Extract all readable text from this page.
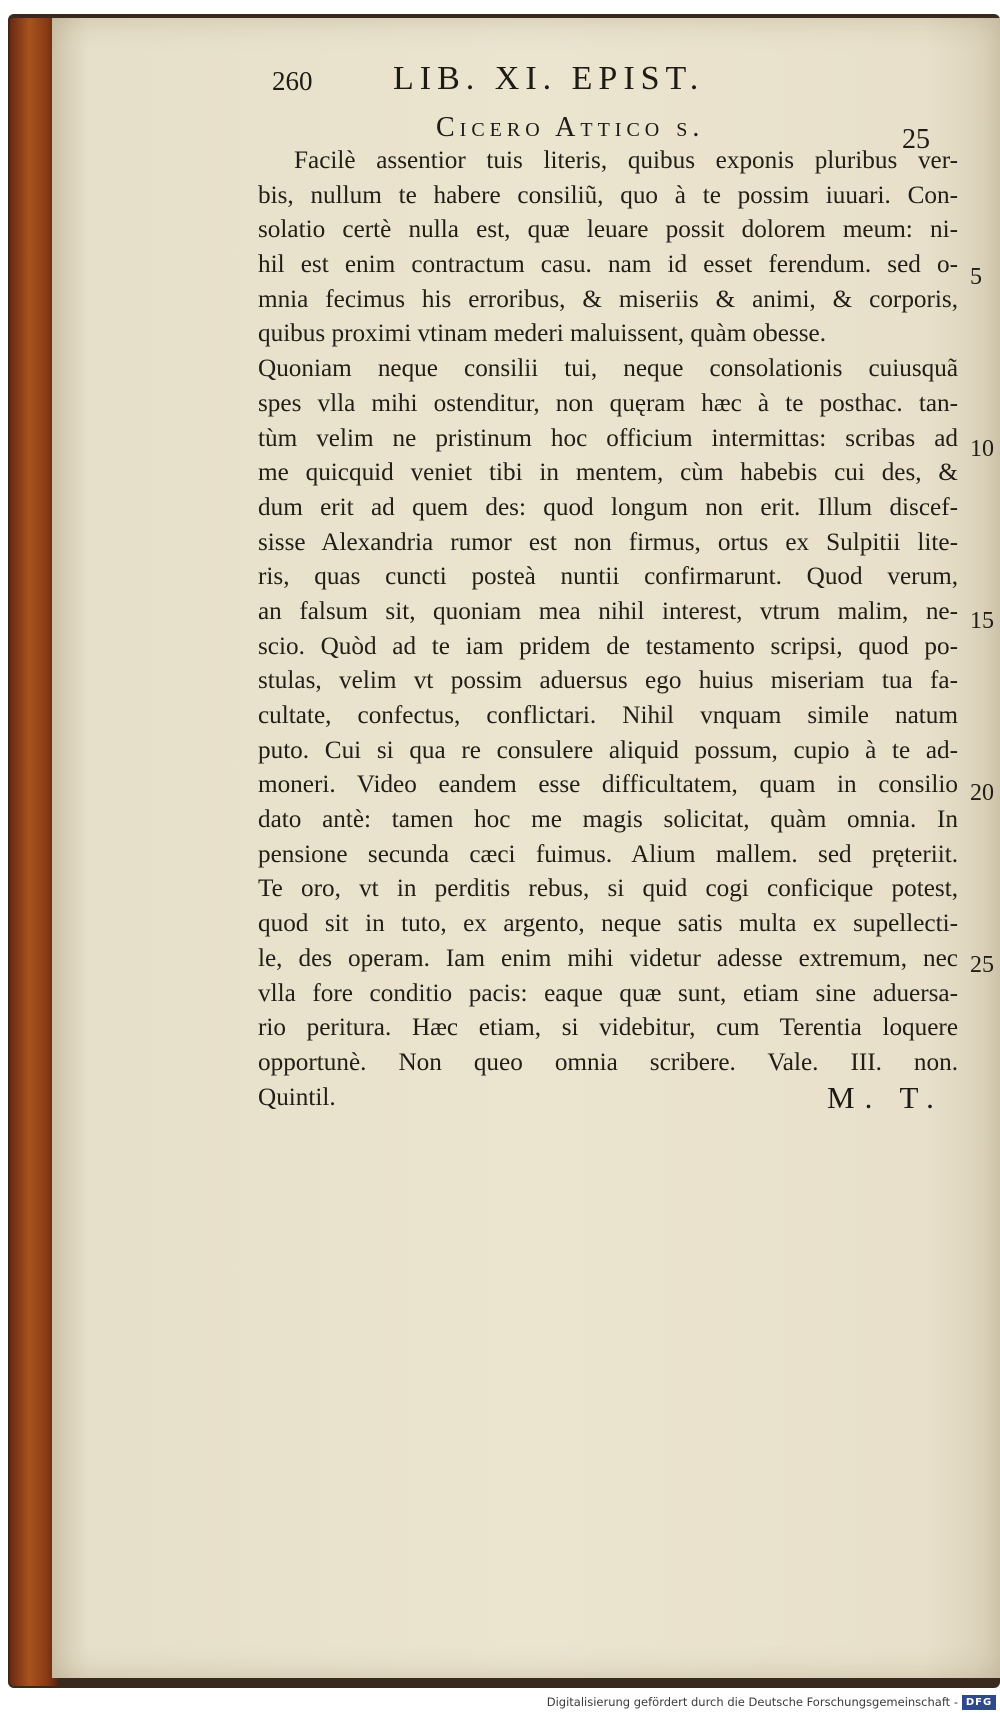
260	LIB. XI. EPIST.
Cicero Attico s.	25
Facilè assentior tuis literis, quibus exponis pluribus ver-
bis, nullum te habere consiliũ, quo à te possim iuuari. Con-
solatio certè nulla est, quæ leuare possit dolorem meum: ni-
hil est enim contractum casu. nam id esset ferendum. sed o-
mnia fecimus his erroribus, & miseriis & animi, & corporis,
quibus proximi vtinam mederi maluissent, quàm obesse.
Quoniam neque consilii tui, neque consolationis cuiusquã
spes vlla mihi ostenditur, non quęram hæc à te posthac. tan-
tùm velim ne pristinum hoc officium intermittas: scribas ad
me quicquid veniet tibi in mentem, cùm habebis cui des, &
dum erit ad quem des: quod longum non erit. Illum discef-
sisse Alexandria rumor est non firmus, ortus ex Sulpitii lite-
ris, quas cuncti posteà nuntii confirmarunt. Quod verum,
an falsum sit, quoniam mea nihil interest, vtrum malim, ne-
scio. Quòd ad te iam pridem de testamento scripsi, quod po-
stulas, velim vt possim aduersus ego huius miseriam tua fa-
cultate, confectus, conflictari. Nihil vnquam simile natum
puto. Cui si qua re consulere aliquid possum, cupio à te ad-
moneri. Video eandem esse difficultatem, quam in consilio
dato antè: tamen hoc me magis solicitat, quàm omnia. In
pensione secunda cæci fuimus. Alium mallem. sed pręteriit.
Te oro, vt in perditis rebus, si quid cogi conficique potest,
quod sit in tuto, ex argento, neque satis multa ex supellecti-
le, des operam. Iam enim mihi videtur adesse extremum, nec
vlla fore conditio pacis: eaque quæ sunt, etiam sine aduersa-
rio peritura. Hæc etiam, si videbitur, cum Terentia loquere
opportunè. Non queo omnia scribere. Vale. III. non.
Quintil.
5
10
15
20
25
M. T.
Digitalisierung gefördert durch die Deutsche Forschungsgemeinschaft - DFG
